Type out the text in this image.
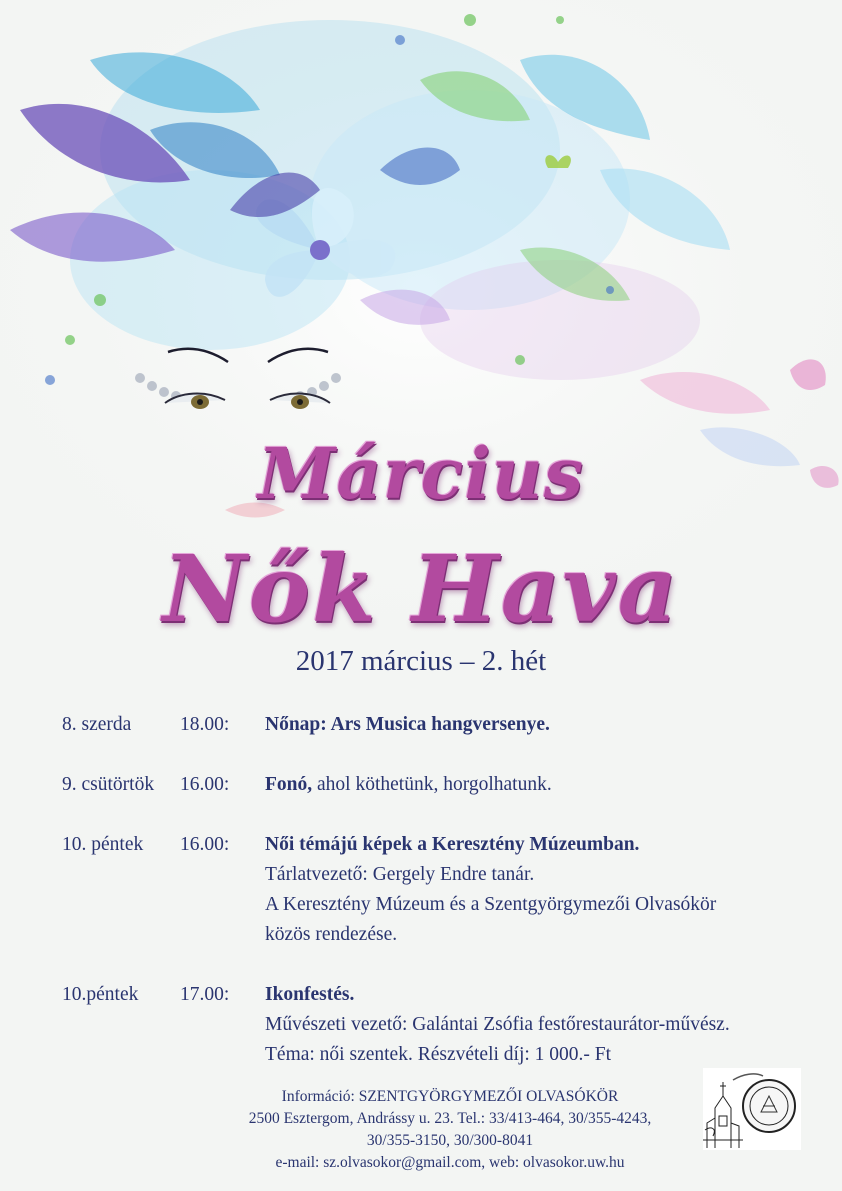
Március
Nők Hava
2017 március – 2. hét
8. szerda	18.00:	Nőnap: Ars Musica hangversenye.
9. csütörtök	16.00:	Fonó, ahol köthetünk, horgolhatunk.
10. péntek	16.00:	Női témájú képek a Keresztény Múzeumban.
Tárlatvezető: Gergely Endre tanár.
A Keresztény Múzeum és a Szentgyörgymezői Olvasókör
közös rendezése.
10.péntek	17.00:	Ikonfestés.
Művészeti vezető: Galántai Zsófia festőrestaurátor-művész.
Téma: női szentek. Részvételi díj: 1 000.- Ft
Információ: SZENTGYÖRGYMEZŐI OLVASÓKÖR
2500 Esztergom, Andrássy u. 23. Tel.: 33/413-464, 30/355-4243,
30/355-3150, 30/300-8041
e-mail: sz.olvasokor@gmail.com, web: olvasokor.uw.hu
